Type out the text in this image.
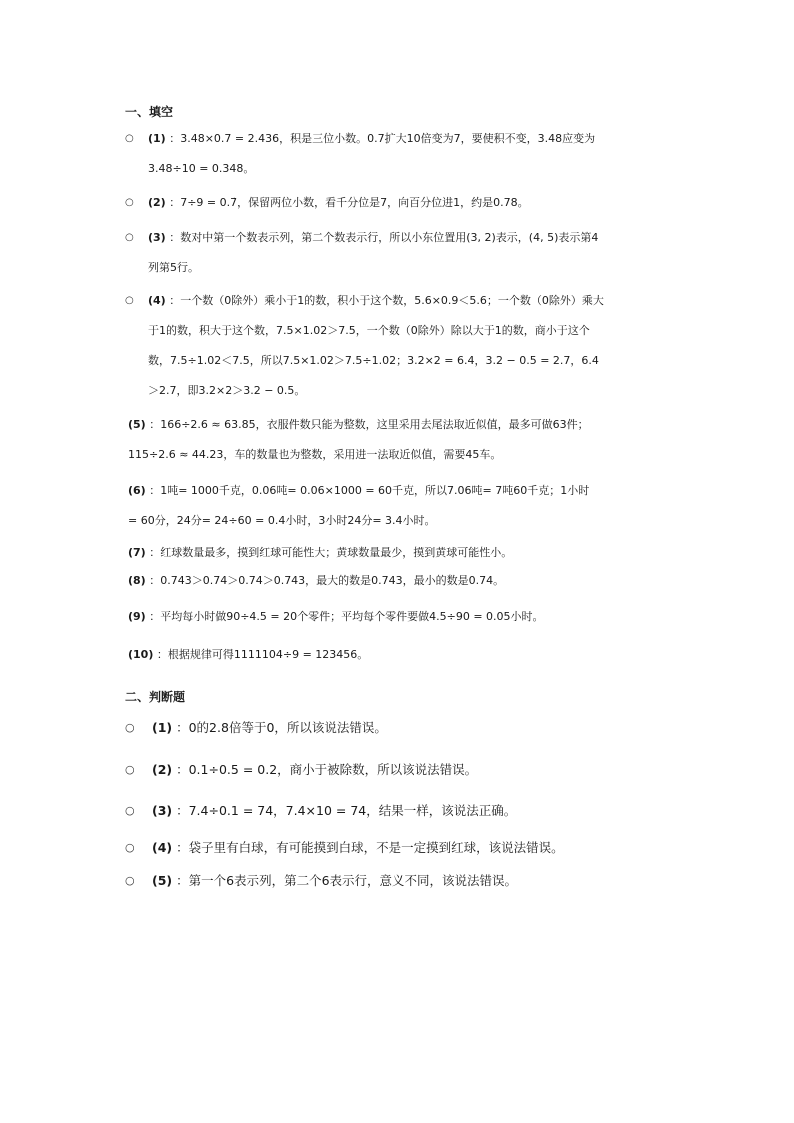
一、填空
○ (1) ：3.48×0.7 = 2.436，积是三位小数。0.7扩大10倍变为7，要使积不变，3.48应变为3.48÷10 = 0.348。
○ (2) ：7÷9 = 0.7̇，保留两位小数，看千分位是7，向百分位进1，约是0.78。
○ (3) ：数对中第一个数表示列，第二个数表示行，所以小东位置用(3, 2)表示，(4, 5)表示第4列第5行。
○ (4) ：一个数（0除外）乘小于1的数，积小于这个数，5.6×0.9＜5.6；一个数（0除外）乘大于1的数，积大于这个数，7.5×1.02＞7.5，一个数（0除外）除以大于1的数，商小于这个数，7.5÷1.02＜7.5，所以7.5×1.02＞7.5÷1.02；3.2×2 = 6.4，3.2 − 0.5 = 2.7，6.4＞2.7，即3.2×2＞3.2 − 0.5。
(5) ：166÷2.6 ≈ 63.85，衣服件数只能为整数，这里采用去尾法取近似值，最多可做63件；115÷2.6 ≈ 44.23，车的数量也为整数，采用进一法取近似值，需要45车。
(6) ：1吨= 1000千克，0.06吨= 0.06×1000 = 60千克，所以7.06吨= 7吨60千克；1小时= 60分，24分= 24÷60 = 0.4小时，3小时24分= 3.4小时。
(7) ：红球数量最多，摸到红球可能性大；黄球数量最少，摸到黄球可能性小。
(8) ：0.743＞0.74＞0.74＞0.743，最大的数是0.743，最小的数是0.74。
(9) ：平均每小时做90÷4.5 = 20个零件；平均每个零件要做4.5÷90 = 0.05小时。
(10) ：根据规律可得1111104÷9 = 123456。
二、判断题
○ (1) ：0的2.8倍等于0，所以该说法错误。
○ (2) ：0.1÷0.5 = 0.2，商小于被除数，所以该说法错误。
○ (3) ：7.4÷0.1 = 74，7.4×10 = 74，结果一样，该说法正确。
○ (4) ：袋子里有白球，有可能摸到白球，不是一定摸到红球，该说法错误。
○ (5) ：第一个6表示列，第二个6表示行，意义不同，该说法错误。
